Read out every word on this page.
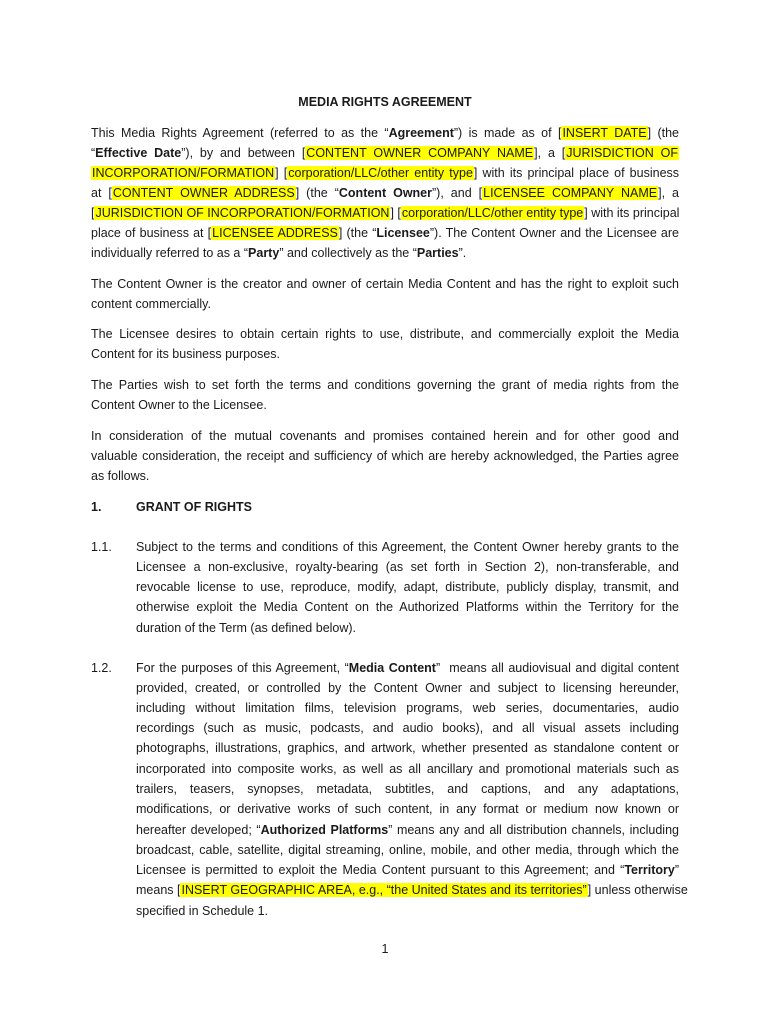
MEDIA RIGHTS AGREEMENT
This Media Rights Agreement (referred to as the “Agreement”) is made as of [INSERT DATE] (the
“Effective Date”), by and between [CONTENT OWNER COMPANY NAME], a [JURISDICTION OF
INCORPORATION/FORMATION] [corporation/LLC/other entity type] with its principal place of business
at [CONTENT OWNER ADDRESS] (the “Content Owner”), and [LICENSEE COMPANY NAME], a
[JURISDICTION OF INCORPORATION/FORMATION] [corporation/LLC/other entity type] with its principal
place of business at [LICENSEE ADDRESS] (the “Licensee”). The Content Owner and the Licensee are
individually referred to as a “Party” and collectively as the “Parties”.
The Content Owner is the creator and owner of certain Media Content and has the right to exploit such
content commercially.
The Licensee desires to obtain certain rights to use, distribute, and commercially exploit the Media
Content for its business purposes.
The Parties wish to set forth the terms and conditions governing the grant of media rights from the
Content Owner to the Licensee.
In consideration of the mutual covenants and promises contained herein and for other good and
valuable consideration, the receipt and sufficiency of which are hereby acknowledged, the Parties agree
as follows.
1.	GRANT OF RIGHTS
1.1. Subject to the terms and conditions of this Agreement, the Content Owner hereby grants to the
Licensee a non-exclusive, royalty-bearing (as set forth in Section 2), non-transferable, and
revocable license to use, reproduce, modify, adapt, distribute, publicly display, transmit, and
otherwise exploit the Media Content on the Authorized Platforms within the Territory for the
duration of the Term (as defined below).
1.2. For the purposes of this Agreement, “Media Content”  means all audiovisual and digital content
provided, created, or controlled by the Content Owner and subject to licensing hereunder,
including without limitation films, television programs, web series, documentaries, audio
recordings (such as music, podcasts, and audio books), and all visual assets including
photographs, illustrations, graphics, and artwork, whether presented as standalone content or
incorporated into composite works, as well as all ancillary and promotional materials such as
trailers, teasers, synopses, metadata, subtitles, and captions, and any adaptations,
modifications, or derivative works of such content, in any format or medium now known or
hereafter developed; “Authorized Platforms” means any and all distribution channels, including
broadcast, cable, satellite, digital streaming, online, mobile, and other media, through which the
Licensee is permitted to exploit the Media Content pursuant to this Agreement; and “Territory”
means [INSERT GEOGRAPHIC AREA, e.g., “the United States and its territories”] unless otherwise
specified in Schedule 1.
1
